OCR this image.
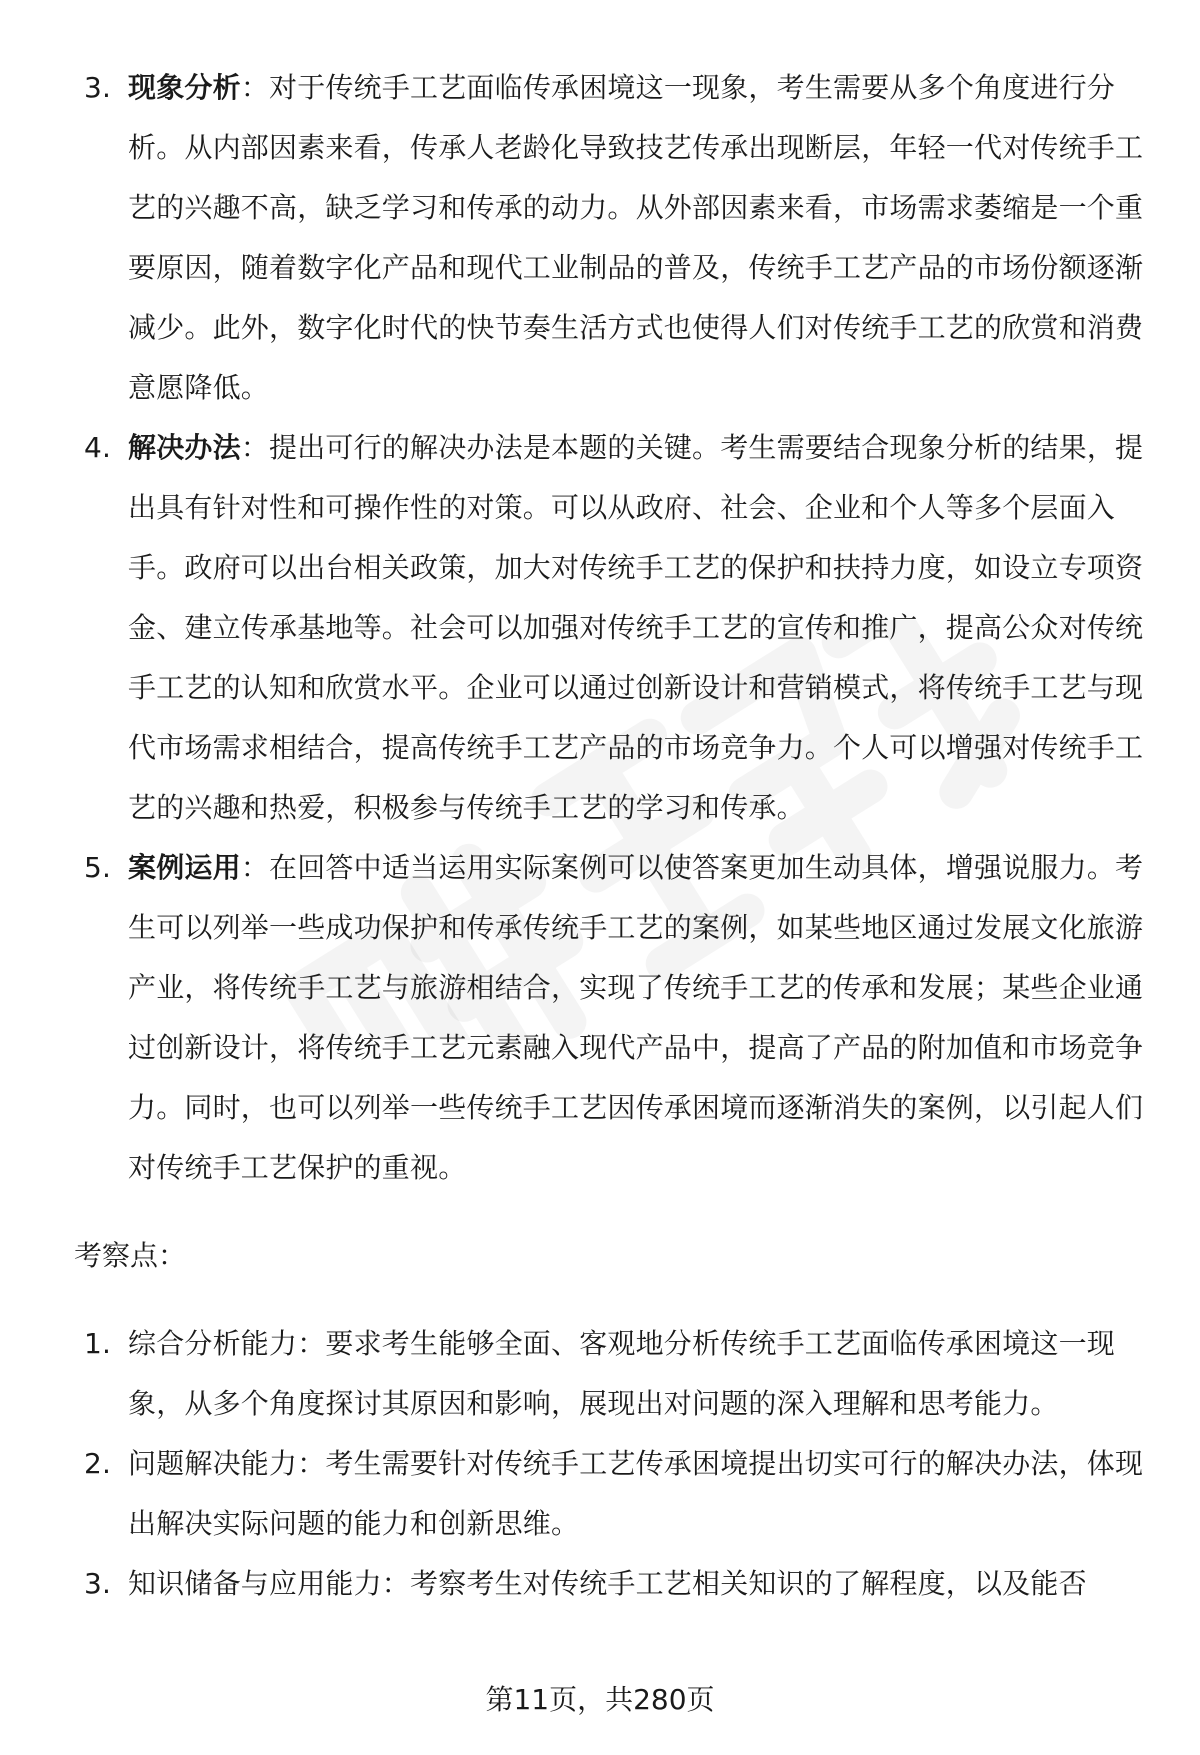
3. 现象分析：对于传统手工艺面临传承困境这一现象，考生需要从多个角度进行分析。从内部因素来看，传承人老龄化导致技艺传承出现断层，年轻一代对传统手工艺的兴趣不高，缺乏学习和传承的动力。从外部因素来看，市场需求萎缩是一个重要原因，随着数字化产品和现代工业制品的普及，传统手工艺产品的市场份额逐渐减少。此外，数字化时代的快节奏生活方式也使得人们对传统手工艺的欣赏和消费意愿降低。
4. 解决办法：提出可行的解决办法是本题的关键。考生需要结合现象分析的结果，提出具有针对性和可操作性的对策。可以从政府、社会、企业和个人等多个层面入手。政府可以出台相关政策，加大对传统手工艺的保护和扶持力度，如设立专项资金、建立传承基地等。社会可以加强对传统手工艺的宣传和推广，提高公众对传统手工艺的认知和欣赏水平。企业可以通过创新设计和营销模式，将传统手工艺与现代市场需求相结合，提高传统手工艺产品的市场竞争力。个人可以增强对传统手工艺的兴趣和热爱，积极参与传统手工艺的学习和传承。
5. 案例运用：在回答中适当运用实际案例可以使答案更加生动具体，增强说服力。考生可以列举一些成功保护和传承传统手工艺的案例，如某些地区通过发展文化旅游产业，将传统手工艺与旅游相结合，实现了传统手工艺的传承和发展；某些企业通过创新设计，将传统手工艺元素融入现代产品中，提高了产品的附加值和市场竞争力。同时，也可以列举一些传统手工艺因传承困境而逐渐消失的案例，以引起人们对传统手工艺保护的重视。
考察点：
1. 综合分析能力：要求考生能够全面、客观地分析传统手工艺面临传承困境这一现象，从多个角度探讨其原因和影响，展现出对问题的深入理解和思考能力。
2. 问题解决能力：考生需要针对传统手工艺传承困境提出切实可行的解决办法，体现出解决实际问题的能力和创新思维。
3. 知识储备与应用能力：考察考生对传统手工艺相关知识的了解程度，以及能否
第11页，共280页
